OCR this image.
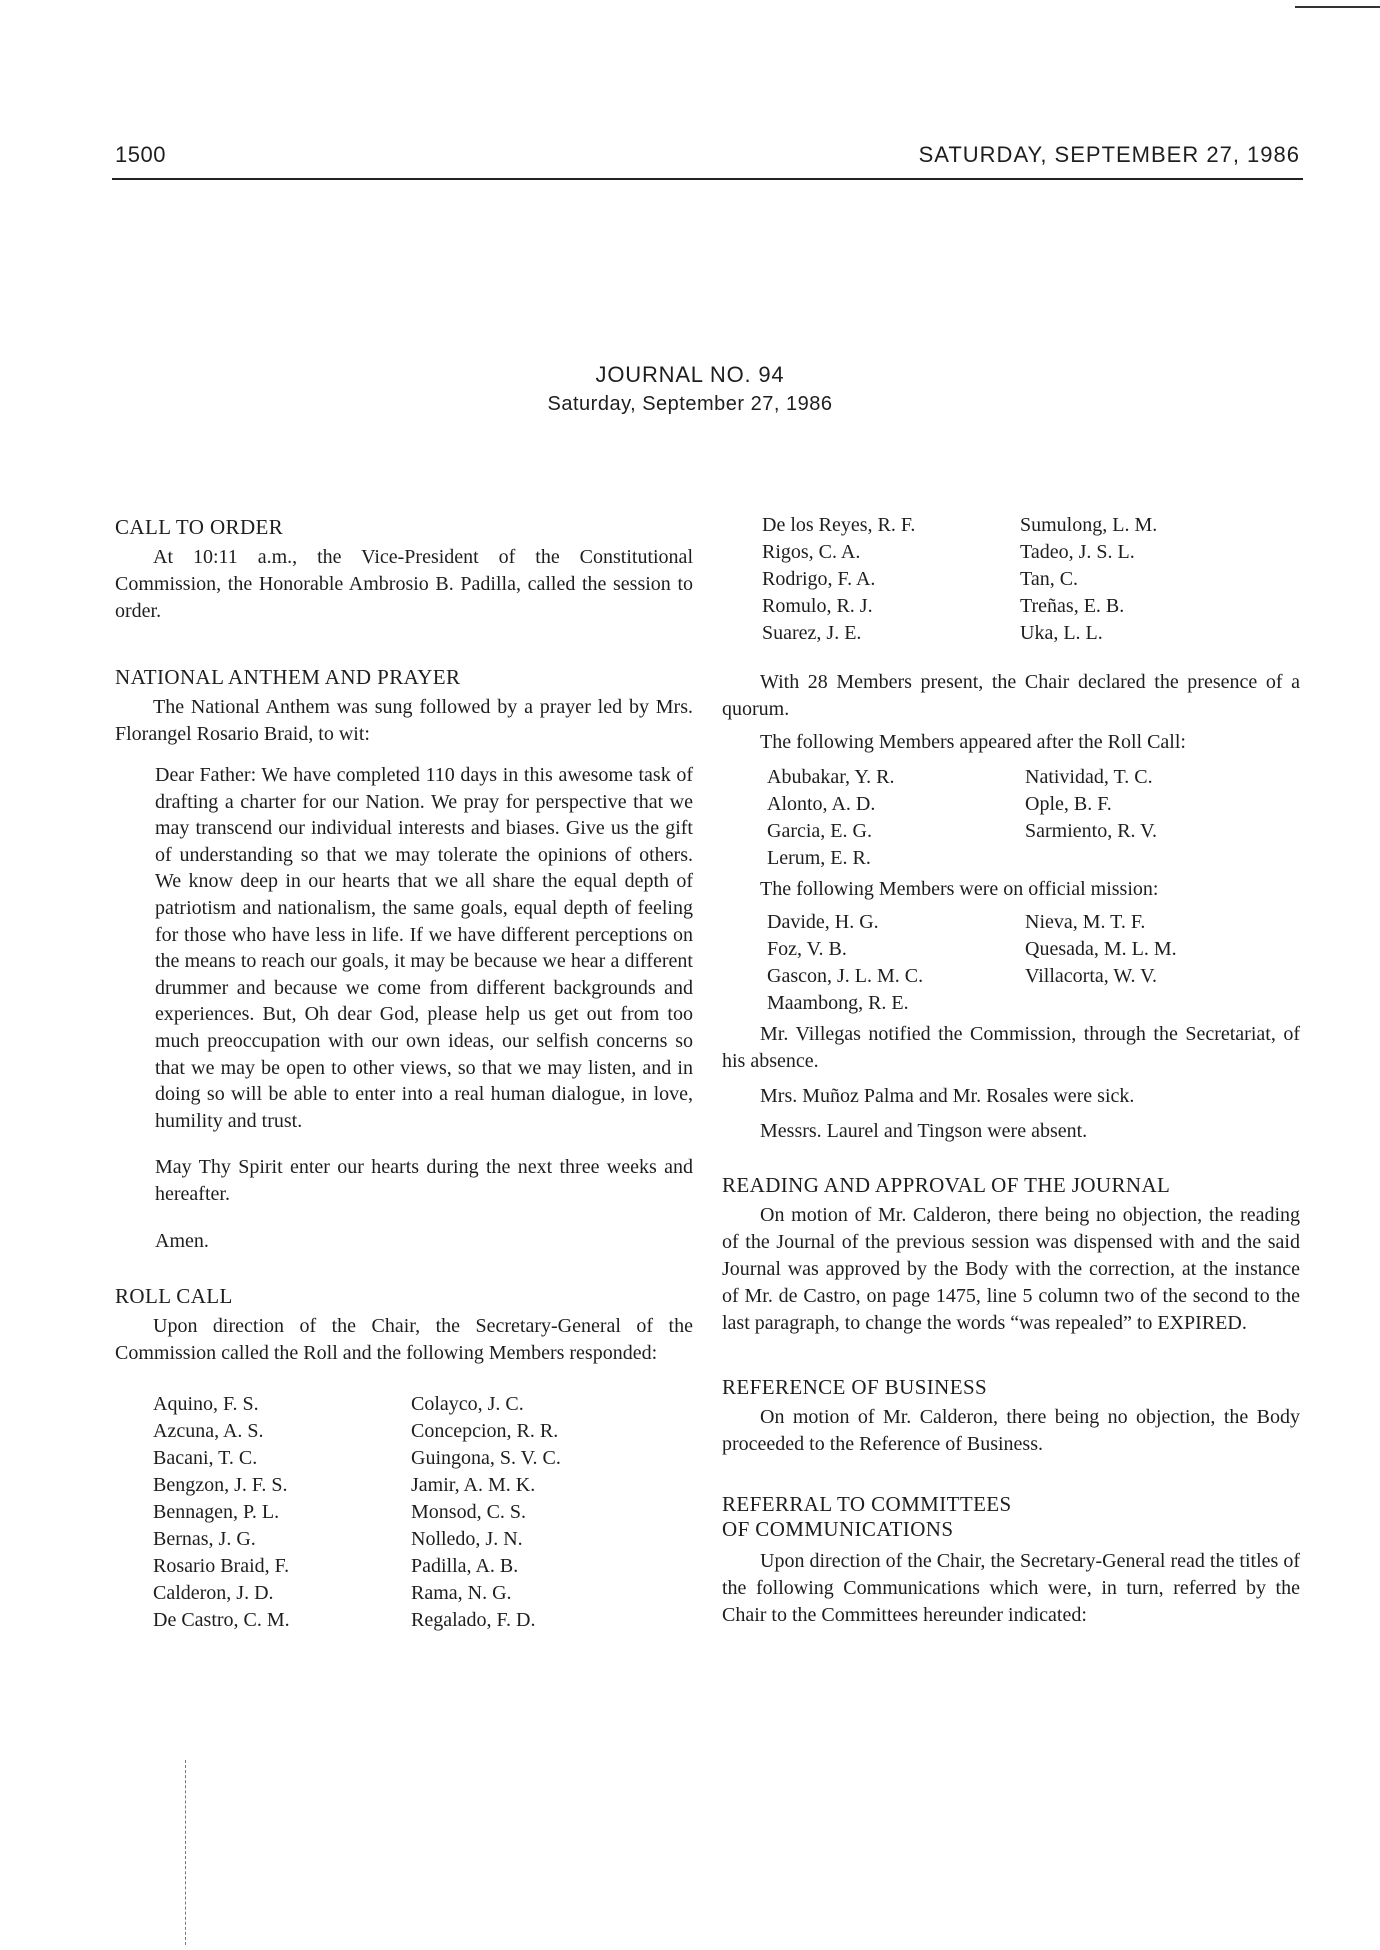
1500	SATURDAY, SEPTEMBER 27, 1986
JOURNAL NO. 94
Saturday, September 27, 1986

CALL TO ORDER

At 10:11 a.m., the Vice-President of the Constitutional Commission, the Honorable Ambrosio B. Padilla, called the session to order.

NATIONAL ANTHEM AND PRAYER

The National Anthem was sung followed by a prayer led by Mrs. Florangel Rosario Braid, to wit:

Dear Father: We have completed 110 days in this awesome task of drafting a charter for our Nation. We pray for perspective that we may transcend our individual interests and biases. Give us the gift of understanding so that we may tolerate the opinions of others. We know deep in our hearts that we all share the equal depth of patriotism and nationalism, the same goals, equal depth of feeling for those who have less in life. If we have different perceptions on the means to reach our goals, it may be because we hear a different drummer and because we come from different backgrounds and experiences. But, Oh dear God, please help us get out from too much preoccupation with our own ideas, our selfish concerns so that we may be open to other views, so that we may listen, and in doing so will be able to enter into a real human dialogue, in love, humility and trust.

May Thy Spirit enter our hearts during the next three weeks and hereafter.

Amen.

ROLL CALL

Upon direction of the Chair, the Secretary-General of the Commission called the Roll and the following Members responded:

Aquino, F. S.	Colayco, J. C.
Azcuna, A. S.	Concepcion, R. R.
Bacani, T. C.	Guingona, S. V. C.
Bengzon, J. F. S.	Jamir, A. M. K.
Bennagen, P. L.	Monsod, C. S.
Bernas, J. G.	Nolledo, J. N.
Rosario Braid, F.	Padilla, A. B.
Calderon, J. D.	Rama, N. G.
De Castro, C. M.	Regalado, F. D.
De los Reyes, R. F.	Sumulong, L. M.
Rigos, C. A.	Tadeo, J. S. L.
Rodrigo, F. A.	Tan, C.
Romulo, R. J.	Treñas, E. B.
Suarez, J. E.	Uka, L. L.

With 28 Members present, the Chair declared the presence of a quorum.

The following Members appeared after the Roll Call:

Abubakar, Y. R.	Natividad, T. C.
Alonto, A. D.	Ople, B. F.
Garcia, E. G.	Sarmiento, R. V.
Lerum, E. R.

The following Members were on official mission:

Davide, H. G.	Nieva, M. T. F.
Foz, V. B.	Quesada, M. L. M.
Gascon, J. L. M. C.	Villacorta, W. V.
Maambong, R. E.

Mr. Villegas notified the Commission, through the Secretariat, of his absence.

Mrs. Muñoz Palma and Mr. Rosales were sick.

Messrs. Laurel and Tingson were absent.

READING AND APPROVAL OF THE JOURNAL

On motion of Mr. Calderon, there being no objection, the reading of the Journal of the previous session was dispensed with and the said Journal was approved by the Body with the correction, at the instance of Mr. de Castro, on page 1475, line 5 column two of the second to the last paragraph, to change the words “was repealed” to EXPIRED.

REFERENCE OF BUSINESS

On motion of Mr. Calderon, there being no objection, the Body proceeded to the Reference of Business.

REFERRAL TO COMMITTEES

OF COMMUNICATIONS

Upon direction of the Chair, the Secretary-General read the titles of the following Communications which were, in turn, referred by the Chair to the Committees hereunder indicated:
